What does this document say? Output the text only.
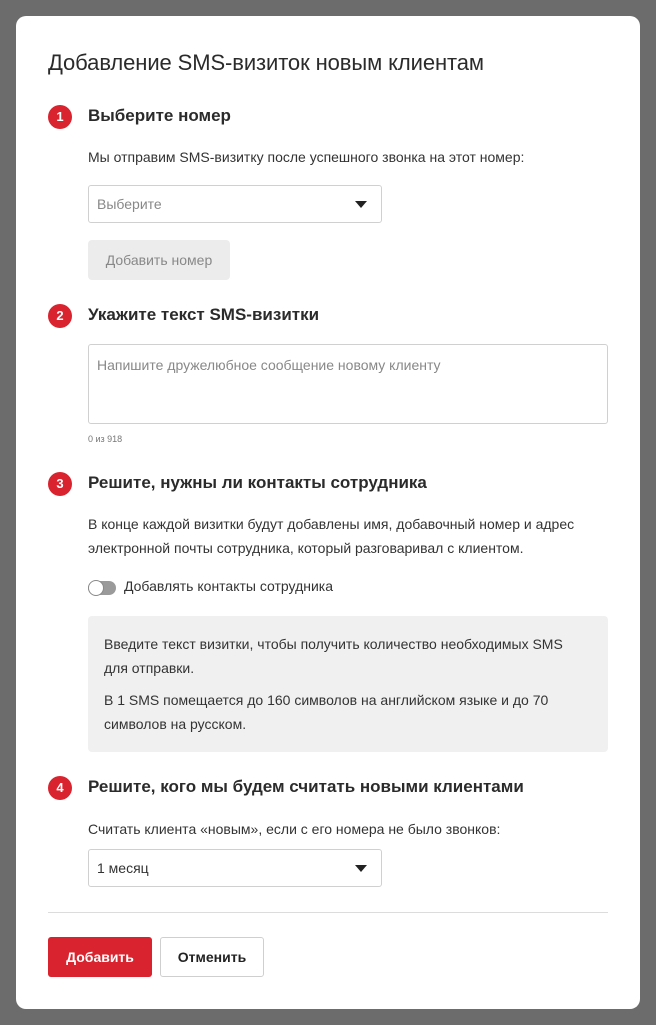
Добавление SMS-визиток новым клиентам
1	Выберите номер
Мы отправим SMS-визитку после успешного звонка на этот номер:
Выберите
Добавить номер
2	Укажите текст SMS-визитки
Напишите дружелюбное сообщение новому клиенту
0 из 918
3	Решите, нужны ли контакты сотрудника
В конце каждой визитки будут добавлены имя, добавочный номер и адрес
электронной почты сотрудника, который разговаривал с клиентом.
Добавлять контакты сотрудника

Введите текст визитки, чтобы получить количество необходимых SMS

для отправки.

В 1 SMS помещается до 160 символов на английском языке и до 70

символов на русском.

4	Решите, кого мы будем считать новыми клиентами
Считать клиента «новым», если с его номера не было звонков:
1 месяц
Добавить	Отменить
